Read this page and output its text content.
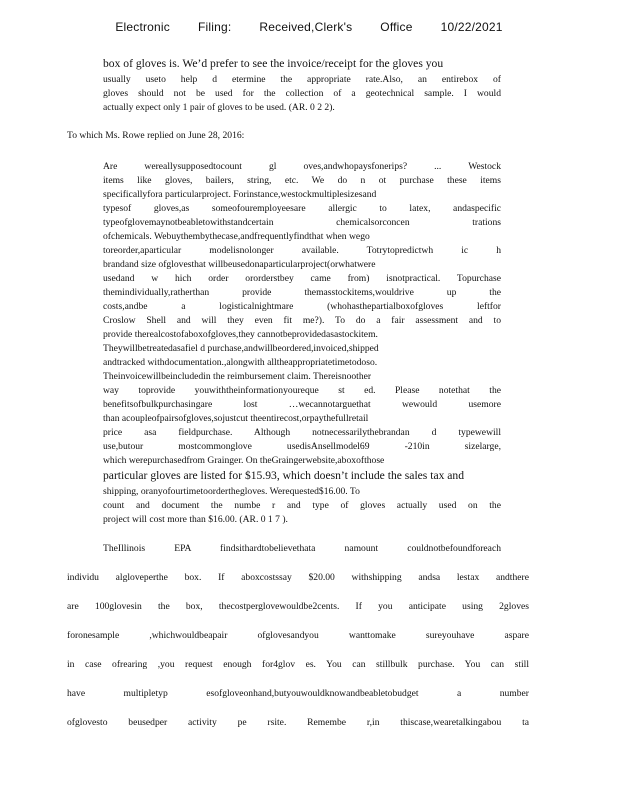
Electronic Filing: Received,Clerk's Office 10/22/2021
box of gloves is. We’d prefer to see the invoice/receipt for the gloves you
usually useto help d etermine the appropriate rate.Also, an entirebox of
gloves should not be used for the collection of a geotechnical sample. I would
actually expect only 1 pair of gloves to be used. (AR. 0 2 2).
To which Ms. Rowe replied on June 28, 2016:
Are wereallysupposedtocount gl oves,andwhopaysfonerips? ... Westock
items like gloves, bailers, string, etc. We do n ot purchase these items
specificallyfora particularproject. Forinstance,westockmultiplesizesand
typesof gloves,as someofouremployeesare allergic to latex, andaspecific
typeofglovemaynotbeabletowithstandcertain chemicalsorconcen trations
ofchemicals. Webuythembythecase,andfrequentlyfindthat when wego
toreorder,aparticular modelisnolonger available. Totrytopredictwh ic h
brandand size ofglovesthat willbeusedonaparticularproject(orwhatwere
usedand w hich order ororderstbey came from) isnotpractical. Topurchase
themindividually,ratherthan provide themasstockitems,wouldrive up the
costs,andbe a logisticalnightmare (whohasthepartialboxofgloves leftfor
Croslow Shell and will they even fit me?). To do a fair assessment and to
provide therealcostofaboxofgloves,they cannotbeprovidedasastockitem.
Theywillbetreatedasafiel d purchase,andwillbeordered,invoiced,shipped
andtracked withdocumentation.,alongwith alltheappropriatetimetodoso.
Theinvoicewillbeincludedin the reimbursement claim. Thereisnoother
way toprovide youwiththeinformationyoureque st ed. Please notethat the
benefitsofbulkpurchasingare lost …wecannotarguethat wewould usemore
than acoupleofpairsofgloves,sojustcut theentirecost,orpaythefullretail
price asa fieldpurchase. Although notnecessarilythebrandan d typewewill
use,butour mostcommonglove usedisAnsellmodel69 -210in sizelarge,
which werepurchasedfrom Grainger. On theGraingerwebsite,aboxofthose
particular gloves are listed for $15.93, which doesn’t include the sales tax and
shipping, oranyofourtimetoorderthegloves. Werequested$16.00. To
count and document the numbe r and type of gloves actually used on the
project will cost more than $16.00. (AR. 0 1 7 ).
TheIllinois EPA findsithardtobelievethata namount couldnotbefoundforeach
individu algloveperthe box. If aboxcostssay $20.00 withshipping andsa lestax andthere
are 100glovesin the box, thecostperglovewouldbe2cents. If you anticipate using 2gloves
foronesample ,whichwouldbeapair ofglovesandyou wanttomake sureyouhave aspare
in case ofrearing ,you request enough for4glov es. You can stillbulk purchase. You can still
have multipletyp esofgloveonhand,butyouwouldknowandbeabletobudget a number
ofglovesto beusedper activity pe rsite. Remembe r,in thiscase,wearetalkingabou ta
